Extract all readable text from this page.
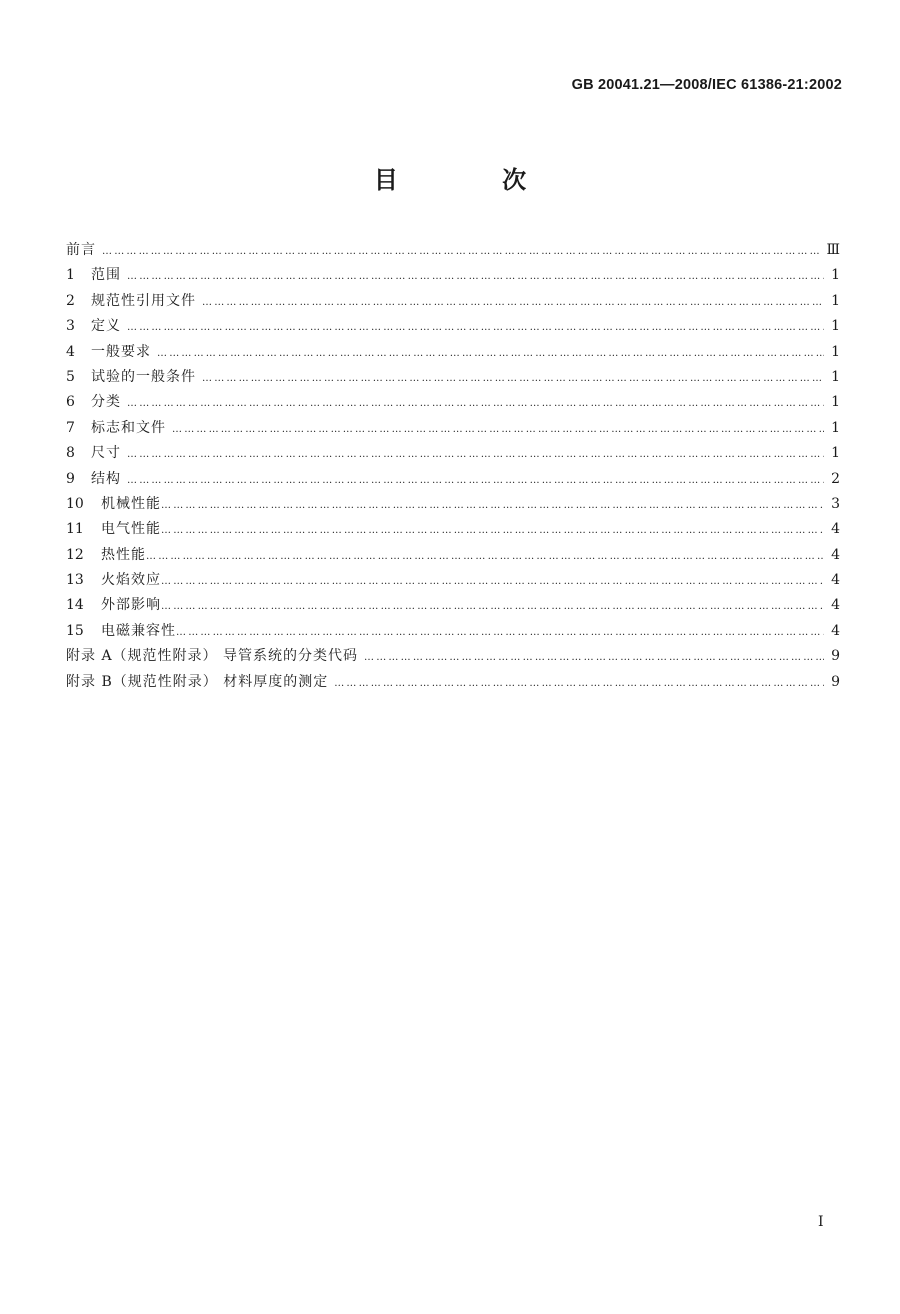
GB 20041.21—2008/IEC 61386-21:2002
目 次
前言 ………………………………………………………………………………………………………………………………………………………………………………………………………………………………………………	Ⅲ
1	范围 ………………………………………………………………………………………………………………………………………………………………………………………………………………………………………………	1
2	规范性引用文件 ………………………………………………………………………………………………………………………………………………………………………………………………………………………………………………	1
3	定义 ………………………………………………………………………………………………………………………………………………………………………………………………………………………………………………	1
4	一般要求 ………………………………………………………………………………………………………………………………………………………………………………………………………………………………………………	1
5	试验的一般条件 ………………………………………………………………………………………………………………………………………………………………………………………………………………………………………………	1
6	分类 ………………………………………………………………………………………………………………………………………………………………………………………………………………………………………………	1
7	标志和文件 ………………………………………………………………………………………………………………………………………………………………………………………………………………………………………………	1
8	尺寸 ………………………………………………………………………………………………………………………………………………………………………………………………………………………………………………	1
9	结构 ………………………………………………………………………………………………………………………………………………………………………………………………………………………………………………	2
10	机械性能 ………………………………………………………………………………………………………………………………………………………………………………………………………………………………………………	3
11	电气性能 ………………………………………………………………………………………………………………………………………………………………………………………………………………………………………………	4
12	热性能 ………………………………………………………………………………………………………………………………………………………………………………………………………………………………………………	4
13	火焰效应 ………………………………………………………………………………………………………………………………………………………………………………………………………………………………………………	4
14	外部影响 ………………………………………………………………………………………………………………………………………………………………………………………………………………………………………………	4
15	电磁兼容性 ………………………………………………………………………………………………………………………………………………………………………………………………………………………………………………	4
附录 A（规范性附录） 导管系统的分类代码 ………………………………………………………………………………………………………………………………………………………………………………………………………………………………………………	9
附录 B（规范性附录） 材料厚度的测定 ………………………………………………………………………………………………………………………………………………………………………………………………………………………………………………	9
I
